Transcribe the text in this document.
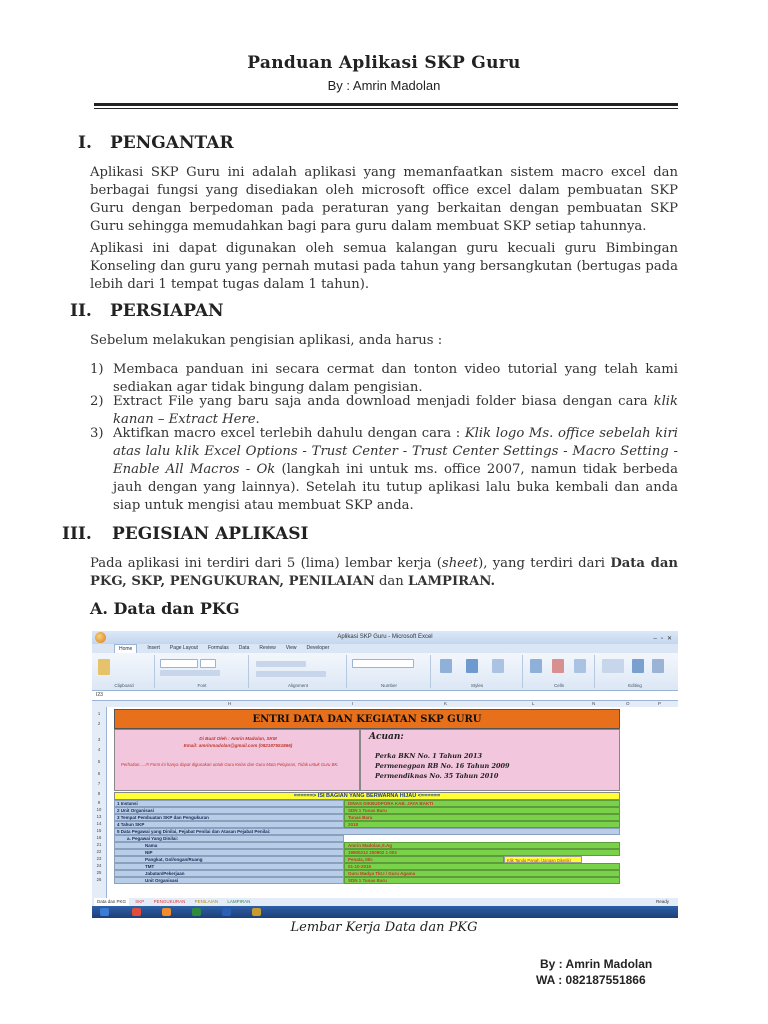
Panduan Aplikasi SKP Guru
By : Amrin Madolan
I. PENGANTAR
Aplikasi SKP Guru ini adalah aplikasi yang memanfaatkan sistem macro excel dan berbagai fungsi yang disediakan oleh microsoft office excel dalam pembuatan SKP Guru dengan berpedoman pada peraturan yang berkaitan dengan pembuatan SKP Guru sehingga memudahkan bagi para guru dalam membuat SKP setiap tahunnya.
Aplikasi ini dapat digunakan oleh semua kalangan guru kecuali guru Bimbingan Konseling dan guru yang pernah mutasi pada tahun yang bersangkutan (bertugas pada lebih dari 1 tempat tugas dalam 1 tahun).
II. PERSIAPAN
Sebelum melakukan pengisian aplikasi, anda harus :
1) Membaca panduan ini secara cermat dan tonton video tutorial yang telah kami sediakan agar tidak bingung dalam pengisian.
2) Extract File yang baru saja anda download menjadi folder biasa dengan cara klik kanan – Extract Here.
3) Aktifkan macro excel terlebih dahulu dengan cara : Klik logo Ms. office sebelah kiri atas lalu klik Excel Options - Trust Center - Trust Center Settings - Macro Setting - Enable All Macros - Ok (langkah ini untuk ms. office 2007, namun tidak berbeda jauh dengan yang lainnya). Setelah itu tutup aplikasi lalu buka kembali dan anda siap untuk mengisi atau membuat SKP anda.
III. PEGISIAN APLIKASI
Pada aplikasi ini terdiri dari 5 (lima) lembar kerja (sheet), yang terdiri dari Data dan PKG, SKP, PENGUKURAN, PENILAIAN dan LAMPIRAN.
A. Data dan PKG
Aplikasi SKP Guru - Microsoft Excel	–▫✕
Home	Insert Page Layout Formulas Data Review View Developer
Clipboard	Font	Alignment	Number	Styles	Cells	Editing
I23
H	I	K	L	N	O	P
1
2
3
4
5
6
7
8
9
10
13
14
15
16
21
22
23
24
25
26
ENTRI DATA DAN KEGIATAN SKP GURU
Di Buat Oleh : Amrin Madolan, SKM
Email: amrinmadolan@gmail.com (082187551866)
Perhatian.....!!! Form ini hanya dapat digunakan untuk Guru Kelas dan Guru Mata Pelajaran, Tidak untuk Guru BK.
Acuan:
Perka BKN No. 1 Tahun 2013
Permenegpan RB No. 16 Tahun 2009
Permendiknas No. 35 Tahun 2010
======> ISI BAGIAN YANG BERWARNA HIJAU <======
1 Instansi	DINAS DIKBUDPORA KAB. JAYA BAKTI
2 Unit Organisasi	SDN 1 Tunas Baru
3 Tempat Pembuatan SKP dan Pengukuran	Tunas Baru
4 Tahun SKP	2018
5 Data Pegawai yang Dinilai, Pejabat Penilai dan Atasan Pejabat Penilai:
a. Pegawai Yang Dinilai:
Nama	Amrin Madolan,S.Ag
NIP	19800212 200902 1 003
Pangkat, Gol/ongan/Ruang	Penata, III/c
TMT	01-10-2015
Jabatan/Pekerjaan	Guru Madya Tkt.I / Guru Agama
Unit Organisasi	SDN 1 Tunas Baru
Klik Tanda Panah (Jangan Diketik)
Data dan PKG SKP PENGUKURAN PENILAIAN LAMPIRAN	Ready
Lembar Kerja Data dan PKG
By : Amrin Madolan
WA : 082187551866
